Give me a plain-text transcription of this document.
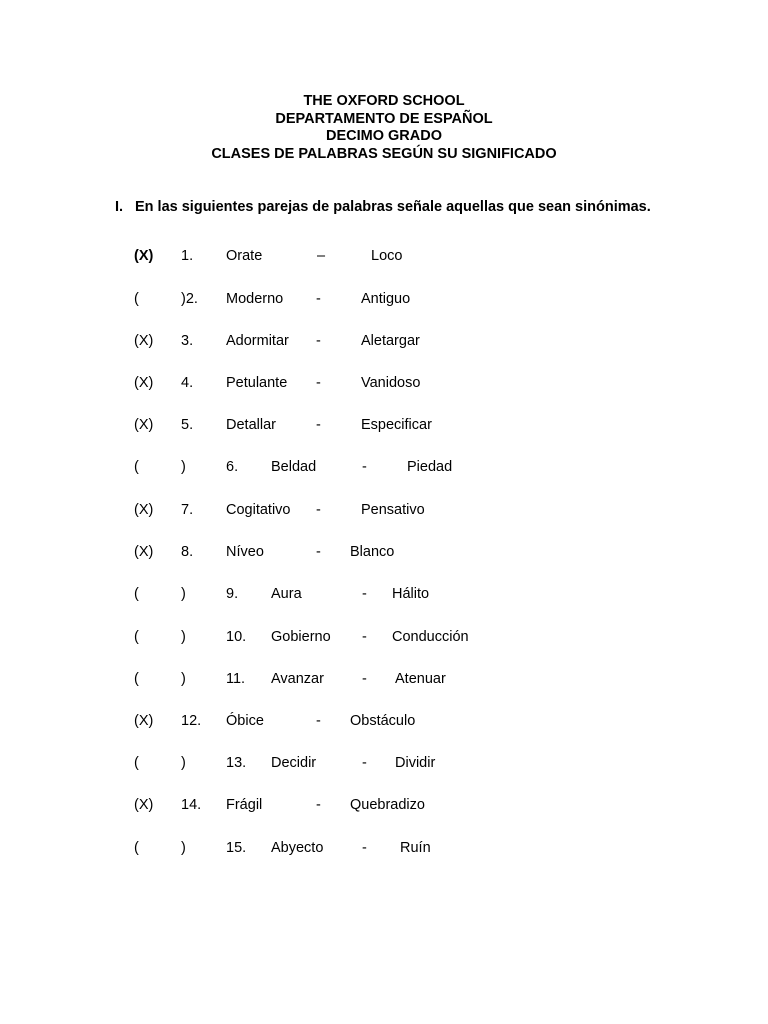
THE OXFORD SCHOOL
DEPARTAMENTO DE ESPAÑOL
DECIMO GRADO
CLASES DE PALABRAS SEGÚN SU SIGNIFICADO
I. En las siguientes parejas de palabras señale aquellas que sean sinónimas.
(X) 1. Orate	–	Loco
(	)2. Moderno -	Antiguo
(X) 3. Adormitar -	Aletargar
(X) 4. Petulante -	Vanidoso
(X) 5. Detallar	-	Especificar
(	)	6. Beldad	-	Piedad
(X) 7. Cogitativo -	Pensativo
(X) 8. Níveo	- Blanco
(	)	9. Aura	- Hálito
(	)	10. Gobierno - Conducción
(	)	11. Avanzar	- Atenuar
(X) 12. Óbice	- Obstáculo
(	)	13. Decidir	- Dividir
(X) 14. Frágil	- Quebradizo
(	)	15. Abyecto	- Ruín
